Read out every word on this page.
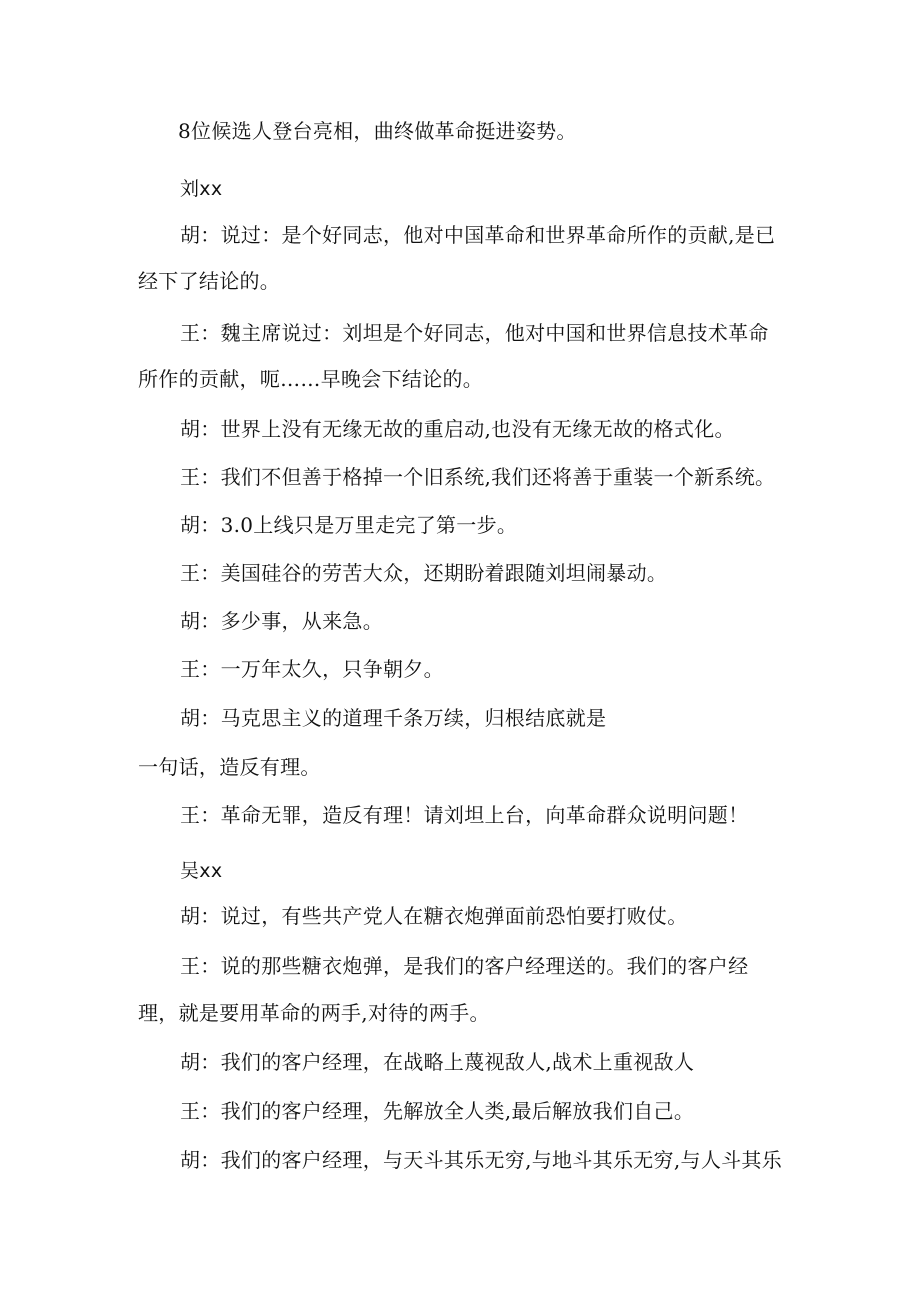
8位候选人登台亮相，曲终做革命挺进姿势。
刘xx
胡：说过：是个好同志，他对中国革命和世界革命所作的贡献,是已
经下了结论的。
王：魏主席说过：刘坦是个好同志，他对中国和世界信息技术革命
所作的贡献，呃……早晚会下结论的。
胡：世界上没有无缘无故的重启动,也没有无缘无故的格式化。
王：我们不但善于格掉一个旧系统,我们还将善于重装一个新系统。
胡：3.0上线只是万里走完了第一步。
王：美国硅谷的劳苦大众，还期盼着跟随刘坦闹暴动。
胡：多少事，从来急。
王：一万年太久，只争朝夕。
胡：马克思主义的道理千条万续，归根结底就是
一句话，造反有理。
王：革命无罪，造反有理！请刘坦上台，向革命群众说明问题！
吴xx
胡：说过，有些共产党人在糖衣炮弹面前恐怕要打败仗。
王：说的那些糖衣炮弹，是我们的客户经理送的。我们的客户经
理，就是要用革命的两手,对待的两手。
胡：我们的客户经理，在战略上蔑视敌人,战术上重视敌人
王：我们的客户经理，先解放全人类,最后解放我们自己。
胡：我们的客户经理，与天斗其乐无穷,与地斗其乐无穷,与人斗其乐
